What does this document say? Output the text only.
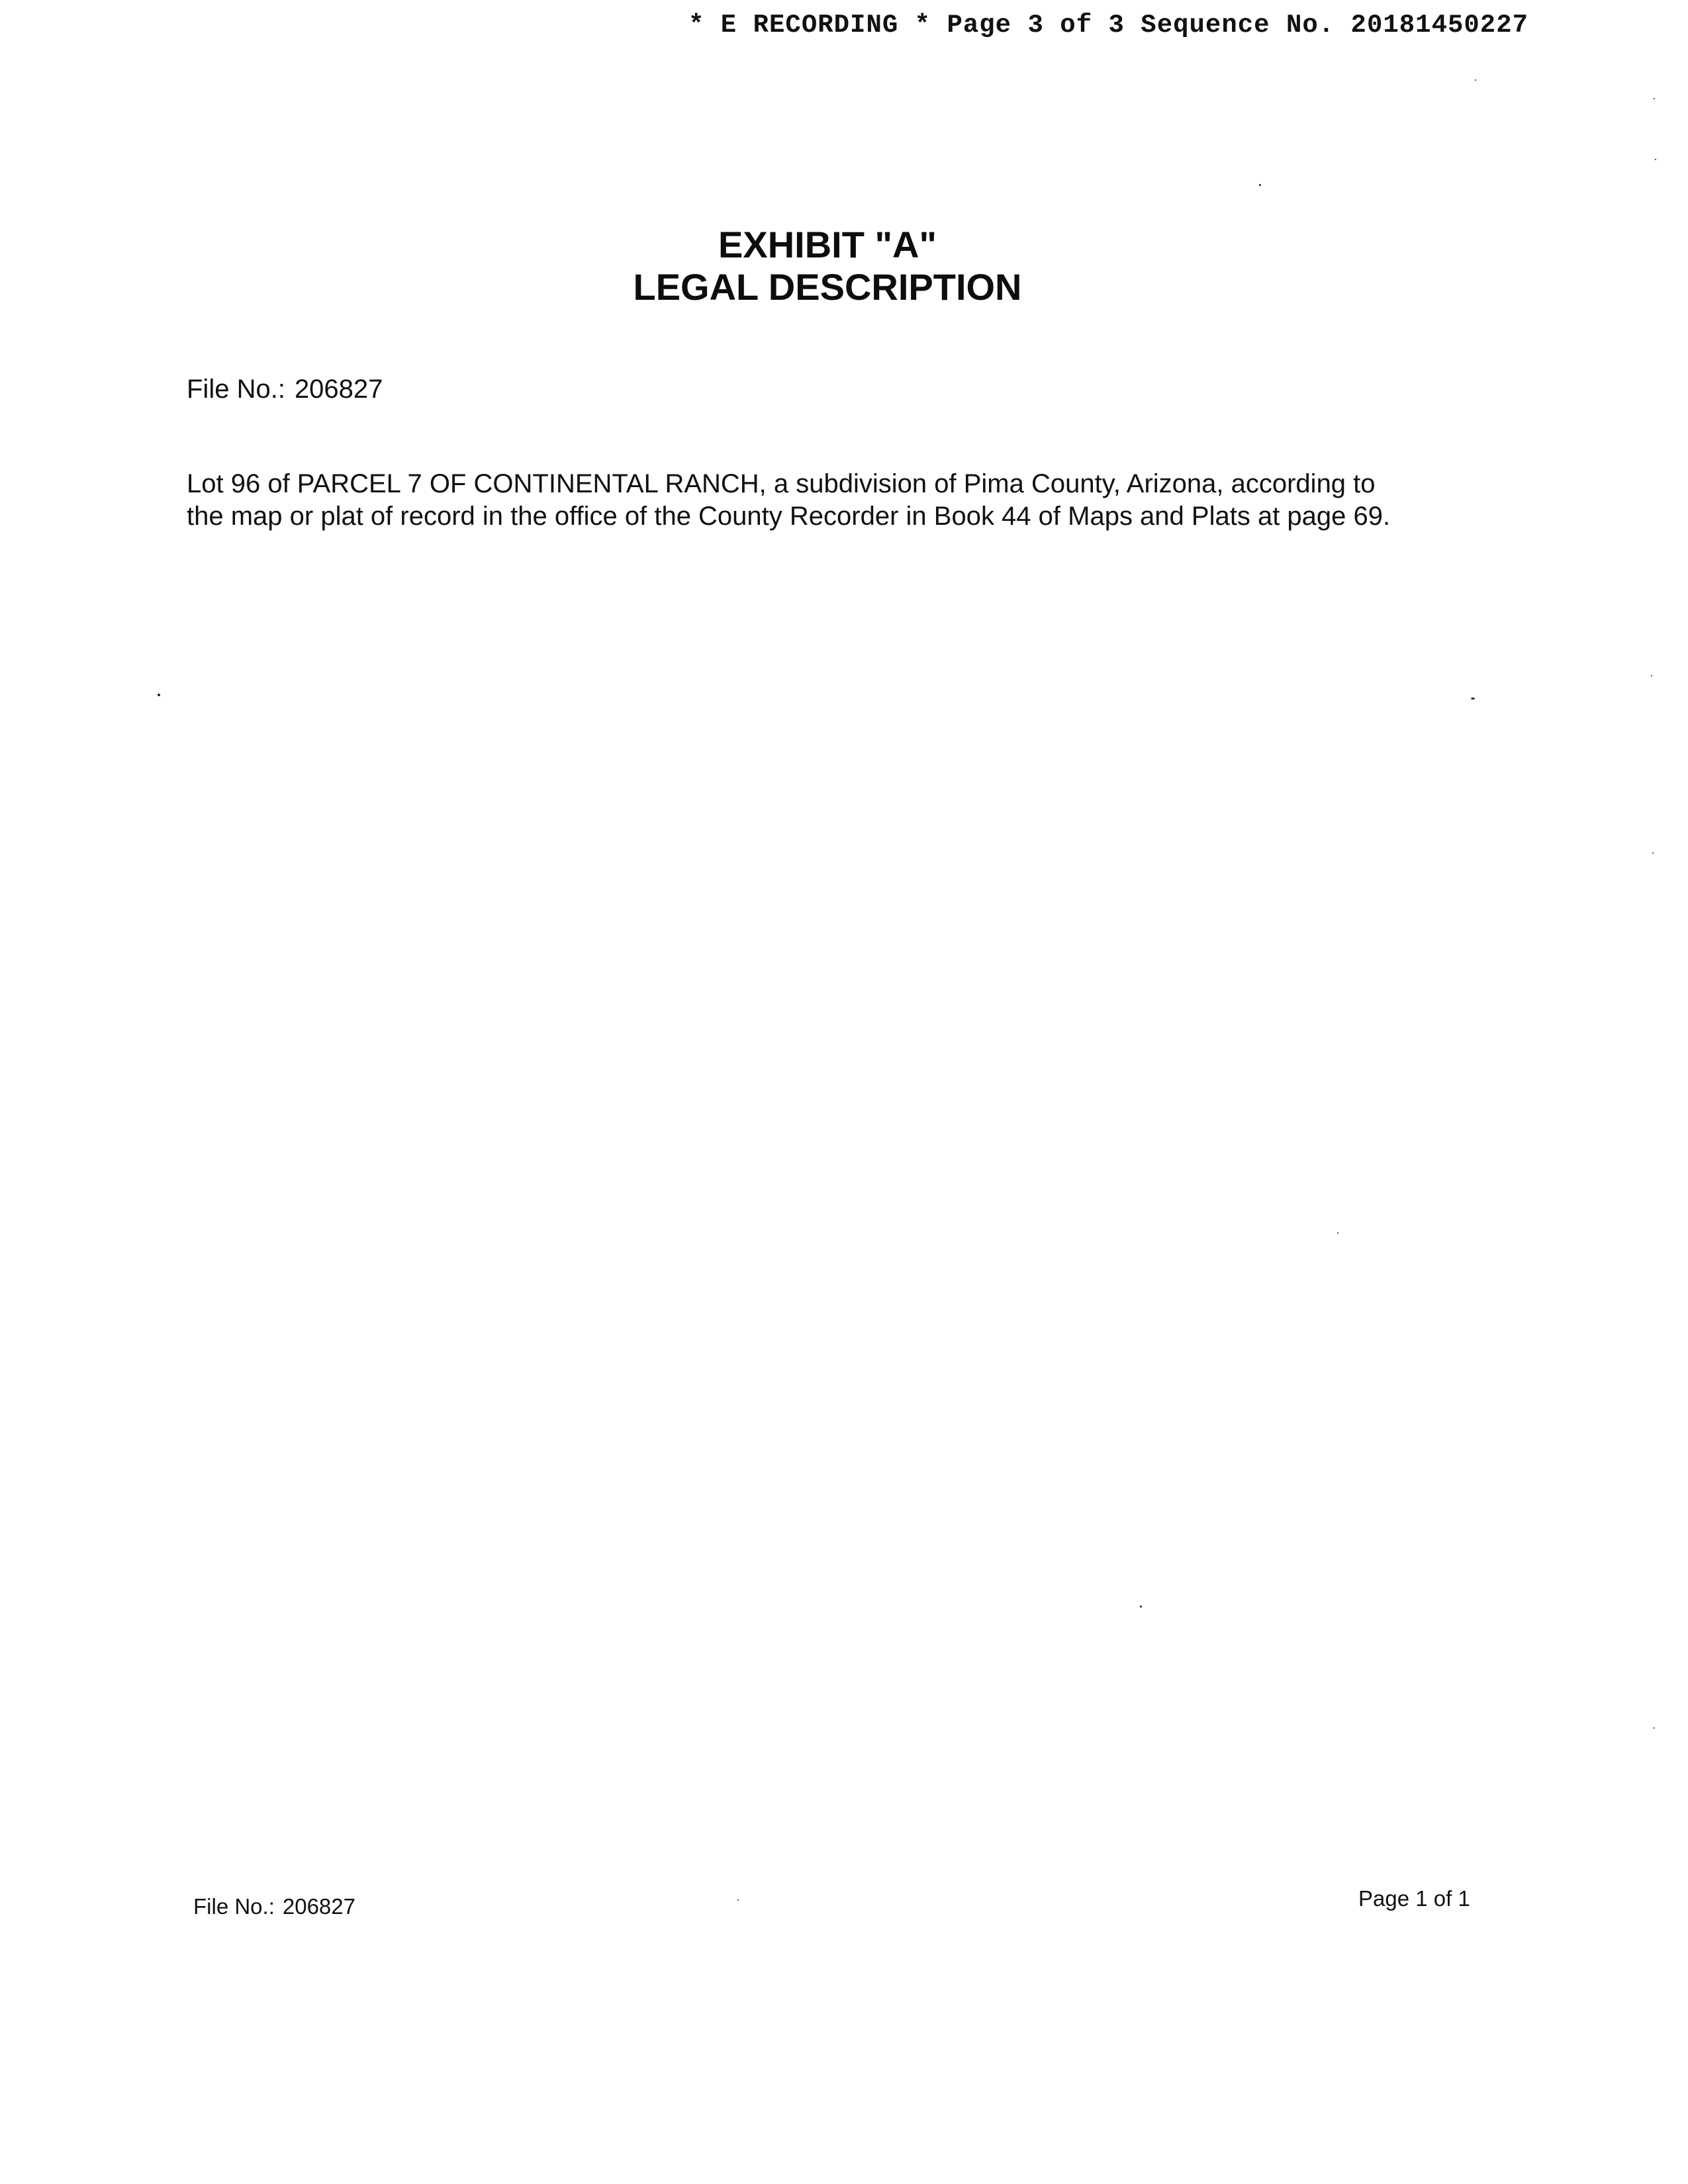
* E RECORDING * Page 3 of 3 Sequence No. 20181450227
EXHIBIT "A"
LEGAL DESCRIPTION
File No.: 206827
Lot 96 of PARCEL 7 OF CONTINENTAL RANCH, a subdivision of Pima County, Arizona, according to
the map or plat of record in the office of the County Recorder in Book 44 of Maps and Plats at page 69.
File No.: 206827	Page 1 of 1
